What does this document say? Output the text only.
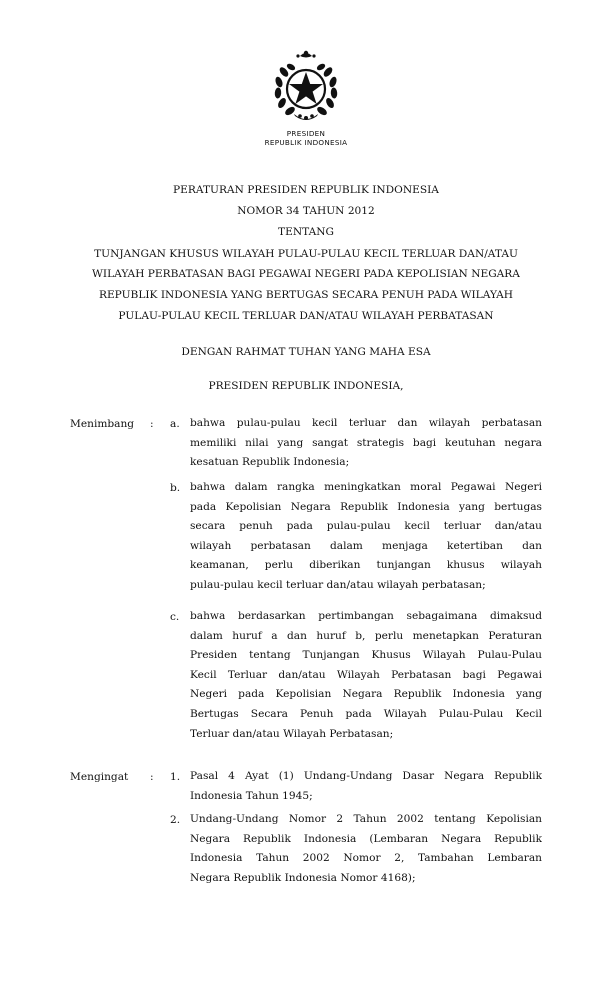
PRESIDEN
REPUBLIK INDONESIA
PERATURAN PRESIDEN REPUBLIK INDONESIA
NOMOR 34 TAHUN 2012
TENTANG
TUNJANGAN KHUSUS WILAYAH PULAU-PULAU KECIL TERLUAR DAN/ATAU
WILAYAH PERBATASAN BAGI PEGAWAI NEGERI PADA KEPOLISIAN NEGARA
REPUBLIK INDONESIA YANG BERTUGAS SECARA PENUH PADA WILAYAH
PULAU-PULAU KECIL TERLUAR DAN/ATAU WILAYAH PERBATASAN
DENGAN RAHMAT TUHAN YANG MAHA ESA
PRESIDEN REPUBLIK INDONESIA,
Menimbang : a. bahwa pulau-pulau kecil terluar dan wilayah perbatasan
memiliki nilai yang sangat strategis bagi keutuhan negara
kesatuan Republik Indonesia;
b. bahwa dalam rangka meningkatkan moral Pegawai Negeri
pada Kepolisian Negara Republik Indonesia yang bertugas
secara penuh pada pulau-pulau kecil terluar dan/atau
wilayah perbatasan dalam menjaga ketertiban dan
keamanan, perlu diberikan tunjangan khusus wilayah
pulau-pulau kecil terluar dan/atau wilayah perbatasan;
c.	bahwa berdasarkan pertimbangan sebagaimana dimaksud
dalam huruf a dan huruf b, perlu menetapkan Peraturan
Presiden tentang Tunjangan Khusus Wilayah Pulau-Pulau
Kecil Terluar dan/atau Wilayah Perbatasan bagi Pegawai
Negeri pada Kepolisian Negara Republik Indonesia yang
Bertugas Secara Penuh pada Wilayah Pulau-Pulau Kecil
Terluar dan/atau Wilayah Perbatasan;
Mengingat : 1. Pasal 4 Ayat (1) Undang-Undang Dasar Negara Republik
Indonesia Tahun 1945;
2. Undang-Undang Nomor 2 Tahun 2002 tentang Kepolisian
Negara Republik Indonesia (Lembaran Negara Republik
Indonesia Tahun 2002 Nomor 2, Tambahan Lembaran
Negara Republik Indonesia Nomor 4168);
